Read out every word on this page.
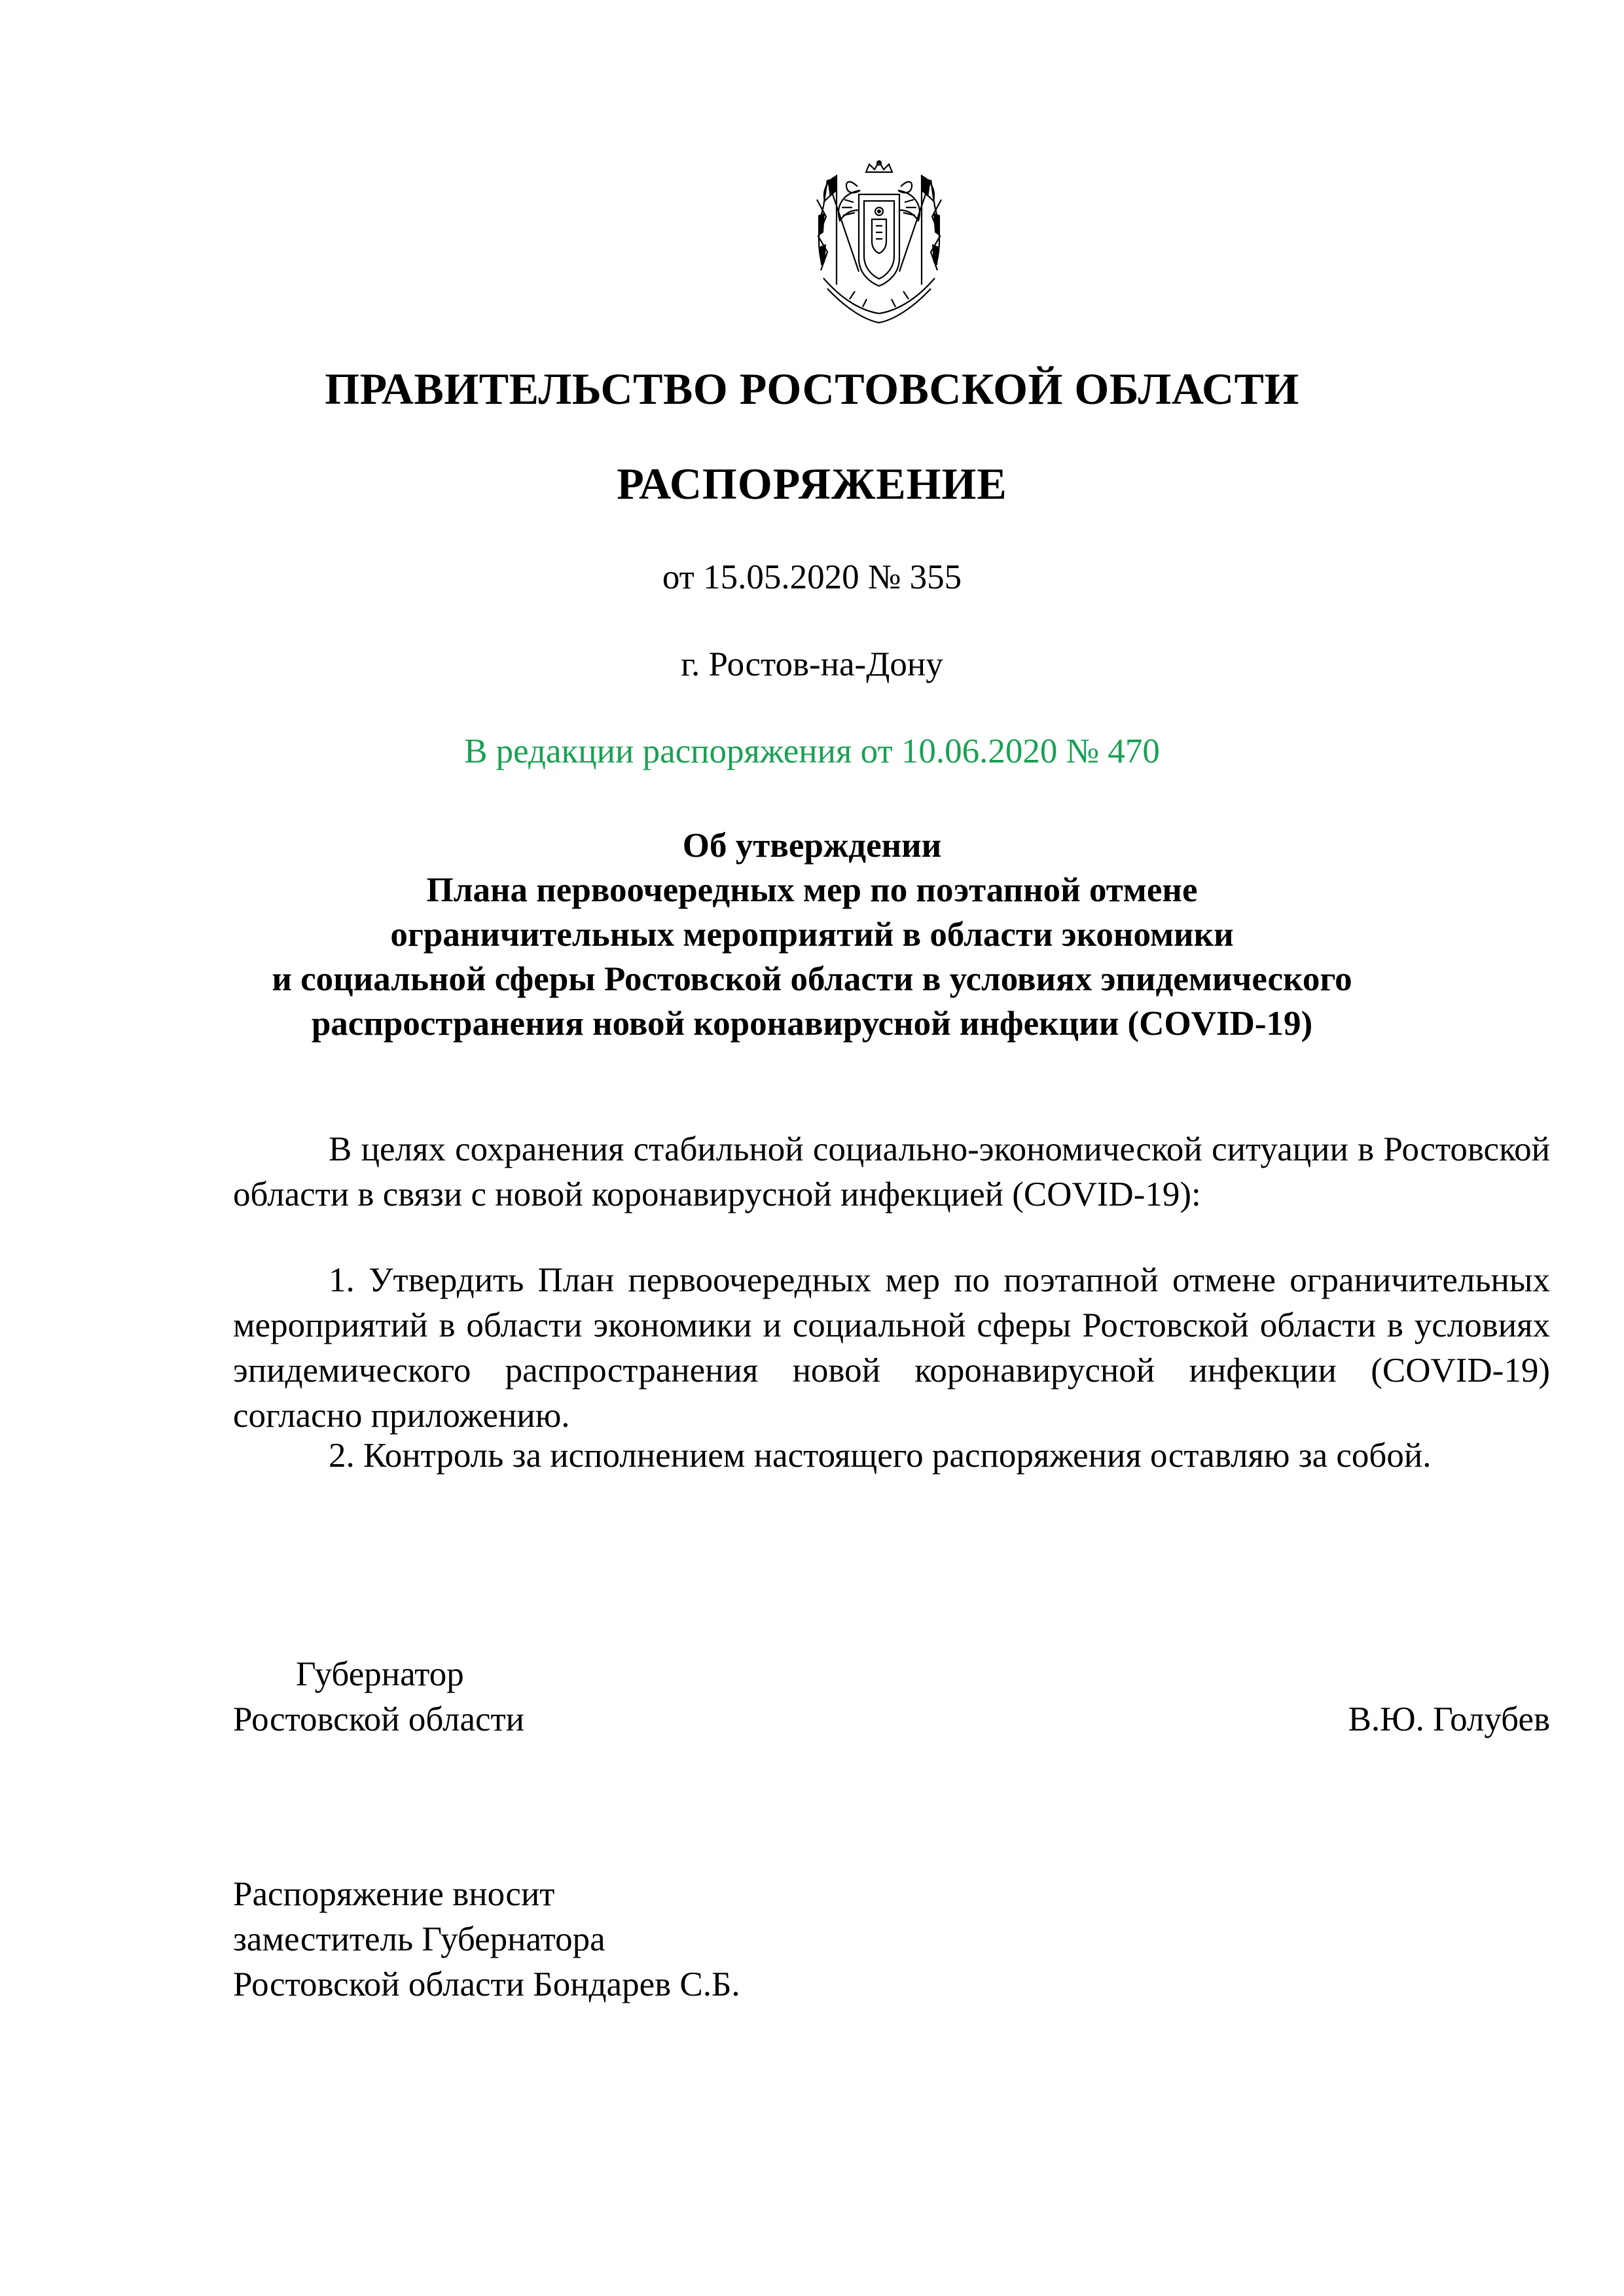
ПРАВИТЕЛЬСТВО РОСТОВСКОЙ ОБЛАСТИ
РАСПОРЯЖЕНИЕ
от 15.05.2020 № 355
г. Ростов-на-Дону
В редакции распоряжения от 10.06.2020 № 470
Об утверждении
Плана первоочередных мер по поэтапной отмене
ограничительных мероприятий в области экономики
и социальной сферы Ростовской области в условиях эпидемического
распространения новой коронавирусной инфекции (COVID-19)
В целях сохранения стабильной социально-экономической ситуации в Ростовской области в связи с новой коронавирусной инфекцией (COVID-19):
1. Утвердить План первоочередных мер по поэтапной отмене ограничительных мероприятий в области экономики и социальной сферы Ростовской области в условиях эпидемического распространения новой коронавирусной инфекции (COVID-19) согласно приложению.
2. Контроль за исполнением настоящего распоряжения оставляю за собой.
Губернатор
Ростовской области	В.Ю. Голубев
Распоряжение вносит
заместитель Губернатора
Ростовской области Бондарев С.Б.
